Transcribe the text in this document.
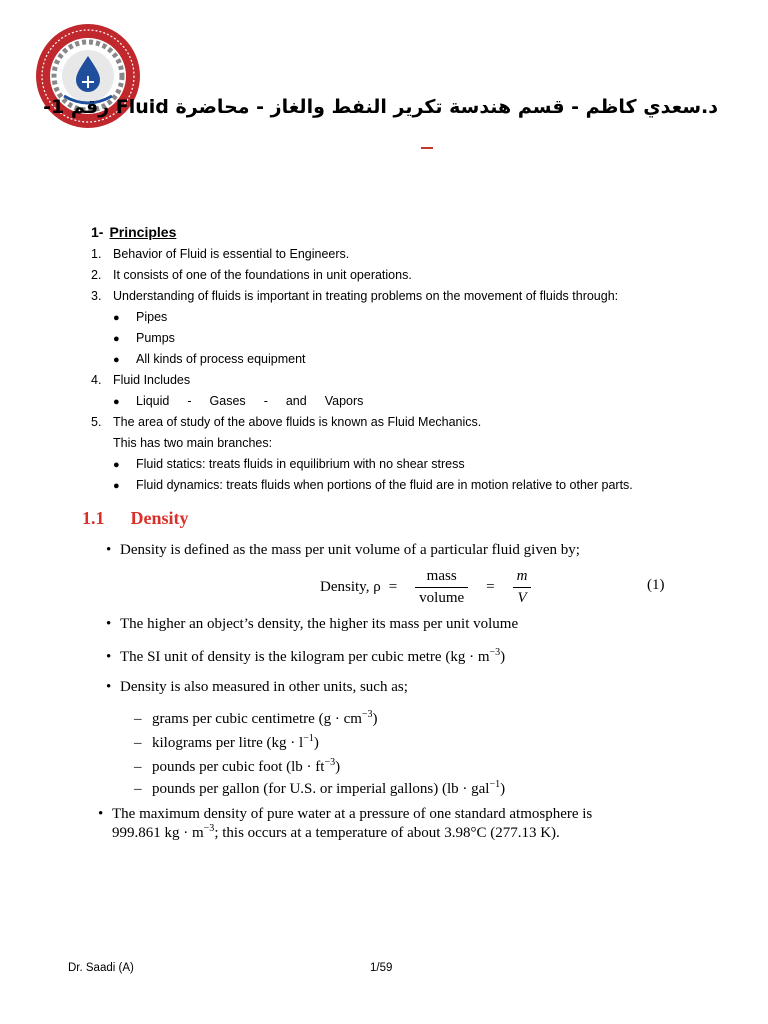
د.سعدي كاظم - قسم هندسة تكرير النفط والغاز - محاضرة Fluid رقم 1-
1- Principles
1. Behavior of Fluid is essential to Engineers.
2. It consists of one of the foundations in unit operations.
3. Understanding of fluids is important in treating problems on the movement of fluids through:
● Pipes
● Pumps
● All kinds of process equipment
4. Fluid Includes
● Liquid - Gases - and Vapors
5. The area of study of the above fluids is known as Fluid Mechanics.
This has two main branches:
● Fluid statics: treats fluids in equilibrium with no shear stress
● Fluid dynamics: treats fluids when portions of the fluid are in motion relative to other parts.
1.1 Density
• Density is defined as the mass per unit volume of a particular fluid given by;
Density, $\rho = \frac{\text{mass}}{\text{volume}} = \frac{m}{V}$	(1)
• The higher an object’s density, the higher its mass per unit volume
• The SI unit of density is the kilogram per cubic metre $(kg \cdot m^{-3})$
• Density is also measured in other units, such as;
– grams per cubic centimetre $(g \cdot cm^{-3})$
– kilograms per litre $(kg \cdot l^{-1})$
– pounds per cubic foot $(lb \cdot ft^{-3})$
– pounds per gallon (for U.S. or imperial gallons) (lb · gal$^{-1}$)
• The maximum density of pure water at a pressure of one standard atmosphere is
999.861 kg · $m^{-3}$; this occurs at a temperature of about 3.98°C (277.13 K).
Dr. Saadi (A)	1/59
